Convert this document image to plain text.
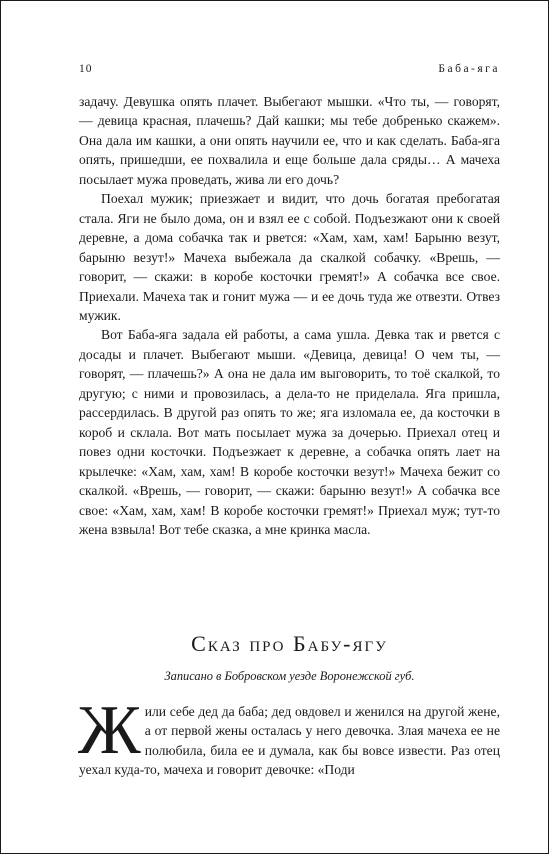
10	Баба-яга

задачу. Девушка опять плачет. Выбегают мышки. «Что ты, — говорят, — девица красная, плачешь? Дай кашки; мы тебе добренько скажем». Она дала им кашки, а они опять научили ее, что и как сделать. Баба-яга опять, пришедши, ее похвалила и еще больше дала сряды… А мачеха посылает мужа проведать, жива ли его дочь?

Поехал мужик; приезжает и видит, что дочь богатая пребогатая стала. Яги не было дома, он и взял ее с собой. Подъезжают они к своей деревне, а дома собачка так и рвется: «Хам, хам, хам! Барыню везут, барыню везут!» Мачеха выбежала да скалкой собачку. «Врешь, — говорит, — скажи: в коробе косточки гремят!» А собачка все свое. Приехали. Мачеха так и гонит мужа — и ее дочь туда же отвезти. Отвез мужик.

Вот Баба-яга задала ей работы, а сама ушла. Девка так и рвется с досады и плачет. Выбегают мыши. «Девица, девица! О чем ты, — говорят, — плачешь?» А она не дала им выговорить, то тоё скалкой, то другую; с ними и провозилась, а дела-то не приделала. Яга пришла, рассердилась. В другой раз опять то же; яга изломала ее, да косточки в короб и склала. Вот мать посылает мужа за дочерью. Приехал отец и повез одни косточки. Подъезжает к деревне, а собачка опять лает на крылечке: «Хам, хам, хам! В коробе косточки везут!» Мачеха бежит со скалкой. «Врешь, — говорит, — скажи: барыню везут!» А собачка все свое: «Хам, хам, хам! В коробе косточки гремят!» Приехал муж; тут-то жена взвыла! Вот тебе сказка, а мне кринка масла.

Сказ про Бабу-ягу
Записано в Бобровском уезде Воронежской губ.

Ж или себе дед да баба; дед овдовел и женился на другой жене, а от первой жены осталась у него девочка. Злая мачеха ее не полюбила, била ее и думала, как бы вовсе извести. Раз отец уехал куда-то, мачеха и говорит девочке: «Поди
